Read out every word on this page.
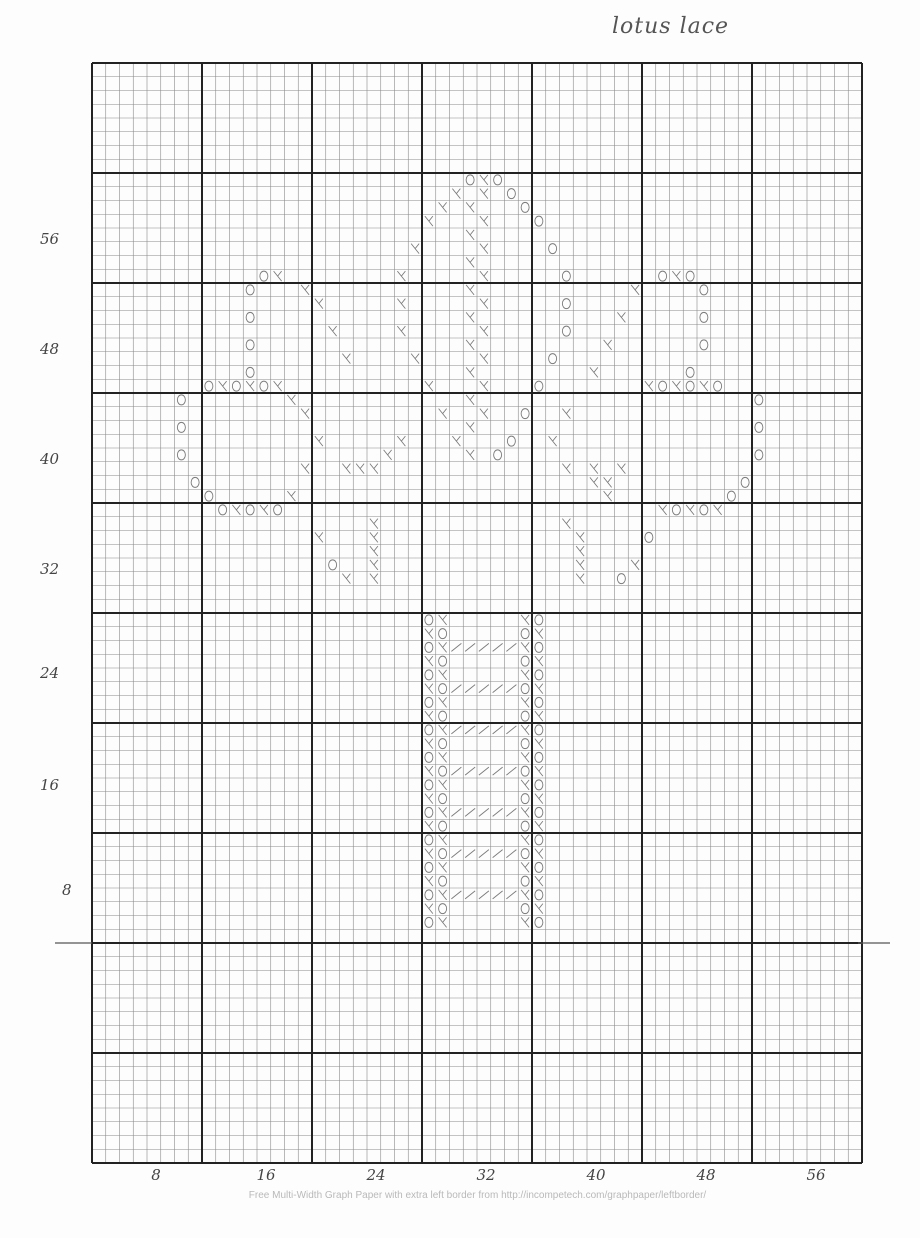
lotus lace
56
48
40
32
24
16
8
8	16	24	32	40	48	56
Free Multi-Width Graph Paper with extra left border from http://incompetech.com/graphpaper/leftborder/
